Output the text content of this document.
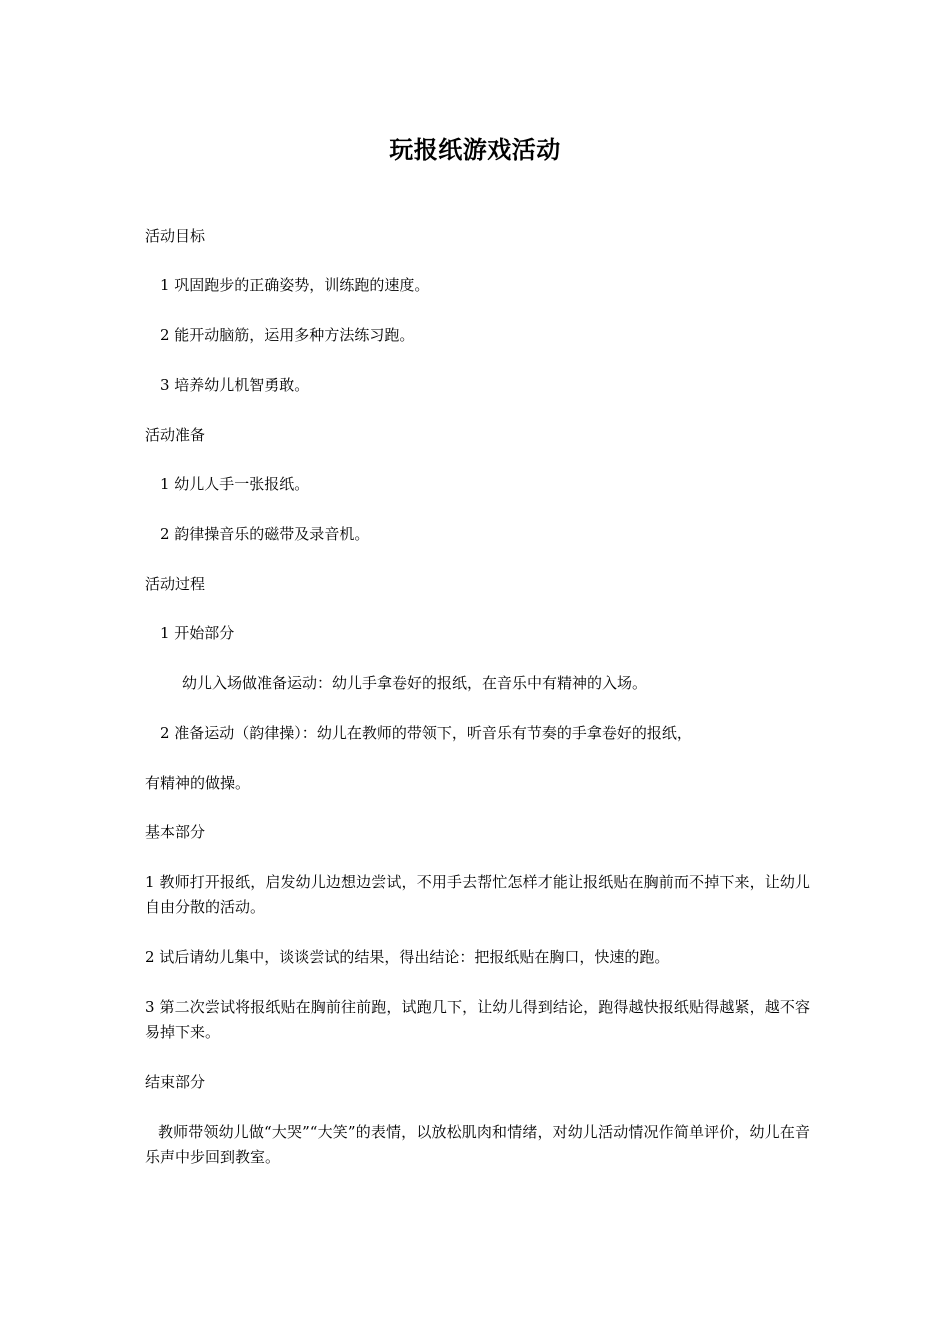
玩报纸游戏活动
活动目标
1 巩固跑步的正确姿势，训练跑的速度。
2 能开动脑筋，运用多种方法练习跑。
3 培养幼儿机智勇敢。
活动准备
1 幼儿人手一张报纸。
2 韵律操音乐的磁带及录音机。
活动过程
1 开始部分
幼儿入场做准备运动：幼儿手拿卷好的报纸，在音乐中有精神的入场。
2 准备运动（韵律操）：幼儿在教师的带领下，听音乐有节奏的手拿卷好的报纸，
有精神的做操。
基本部分
1 教师打开报纸，启发幼儿边想边尝试，不用手去帮忙怎样才能让报纸贴在胸前而不掉下来，让幼儿自由分散的活动。
2 试后请幼儿集中，谈谈尝试的结果，得出结论：把报纸贴在胸口，快速的跑。
3 第二次尝试将报纸贴在胸前往前跑，试跑几下，让幼儿得到结论，跑得越快报纸贴得越紧，越不容易掉下来。
结束部分
教师带领幼儿做“大哭”“大笑”的表情，以放松肌肉和情绪，对幼儿活动情况作简单评价，幼儿在音乐声中步回到教室。
